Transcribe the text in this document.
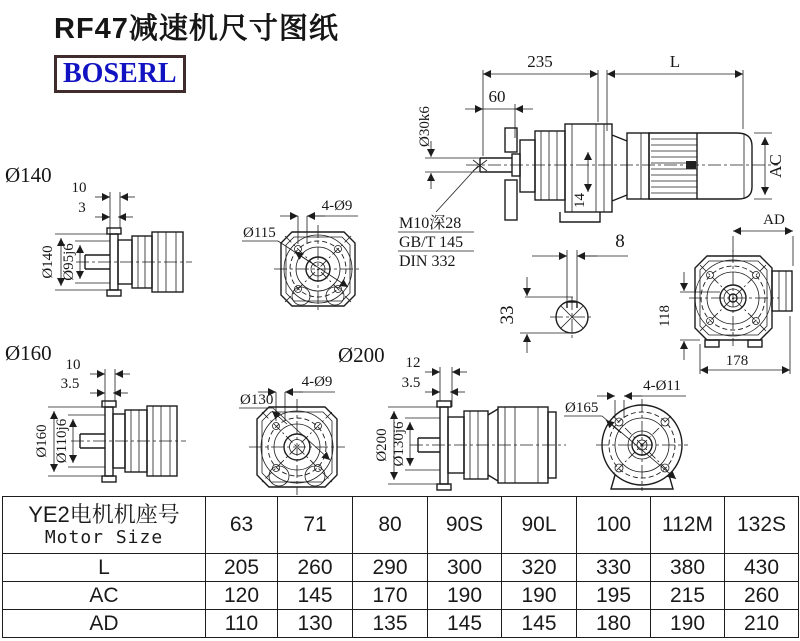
235	L
60
Ø30k6
14
AC
AD
M10深28
GB/T 145
DIN 332
8
33	118
178
Ø140
Ø140 Ø95j6
10
3	4-Ø9
Ø115
Ø160
Ø160 Ø110j6
10
3.5	4-Ø9
Ø130
Ø200
Ø200 Ø130j6
12
3.5	4-Ø11
Ø165
RF47减速机尺寸图纸
BOSERL
YE2电机机座号
Motor Size	63	71	80	90S	90L	100	112M	132S
L	205	260	290	300	320	330	380	430
AC	120	145	170	190	190	195	215	260
AD	110	130	135	145	145	180	190	210
